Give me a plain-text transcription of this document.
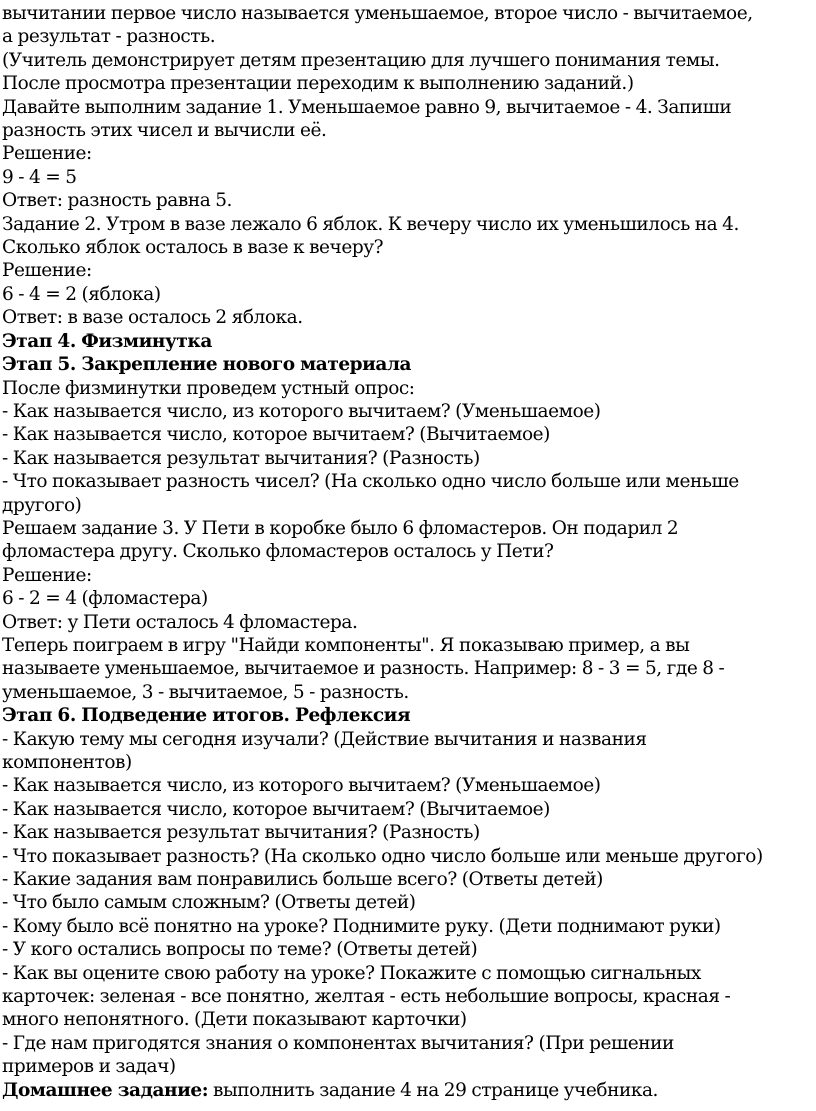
вычитании первое число называется уменьшаемое, второе число - вычитаемое,
а результат - разность.
(Учитель демонстрирует детям презентацию для лучшего понимания темы.
После просмотра презентации переходим к выполнению заданий.)
Давайте выполним задание 1. Уменьшаемое равно 9, вычитаемое - 4. Запиши
разность этих чисел и вычисли её.
Решение:
9 - 4 = 5
Ответ: разность равна 5.
Задание 2. Утром в вазе лежало 6 яблок. К вечеру число их уменьшилось на 4.
Сколько яблок осталось в вазе к вечеру?
Решение:
6 - 4 = 2 (яблока)
Ответ: в вазе осталось 2 яблока.
Этап 4. Физминутка
Этап 5. Закрепление нового материала
После физминутки проведем устный опрос:
- Как называется число, из которого вычитаем? (Уменьшаемое)
- Как называется число, которое вычитаем? (Вычитаемое)
- Как называется результат вычитания? (Разность)
- Что показывает разность чисел? (На сколько одно число больше или меньше
другого)
Решаем задание 3. У Пети в коробке было 6 фломастеров. Он подарил 2
фломастера другу. Сколько фломастеров осталось у Пети?
Решение:
6 - 2 = 4 (фломастера)
Ответ: у Пети осталось 4 фломастера.
Теперь поиграем в игру "Найди компоненты". Я показываю пример, а вы
называете уменьшаемое, вычитаемое и разность. Например: 8 - 3 = 5, где 8 -
уменьшаемое, 3 - вычитаемое, 5 - разность.
Этап 6. Подведение итогов. Рефлексия
- Какую тему мы сегодня изучали? (Действие вычитания и названия
компонентов)
- Как называется число, из которого вычитаем? (Уменьшаемое)
- Как называется число, которое вычитаем? (Вычитаемое)
- Как называется результат вычитания? (Разность)
- Что показывает разность? (На сколько одно число больше или меньше другого)
- Какие задания вам понравились больше всего? (Ответы детей)
- Что было самым сложным? (Ответы детей)
- Кому было всё понятно на уроке? Поднимите руку. (Дети поднимают руки)
- У кого остались вопросы по теме? (Ответы детей)
- Как вы оцените свою работу на уроке? Покажите с помощью сигнальных
карточек: зеленая - все понятно, желтая - есть небольшие вопросы, красная -
много непонятного. (Дети показывают карточки)
- Где нам пригодятся знания о компонентах вычитания? (При решении
примеров и задач)
Домашнее задание: выполнить задание 4 на 29 странице учебника.
